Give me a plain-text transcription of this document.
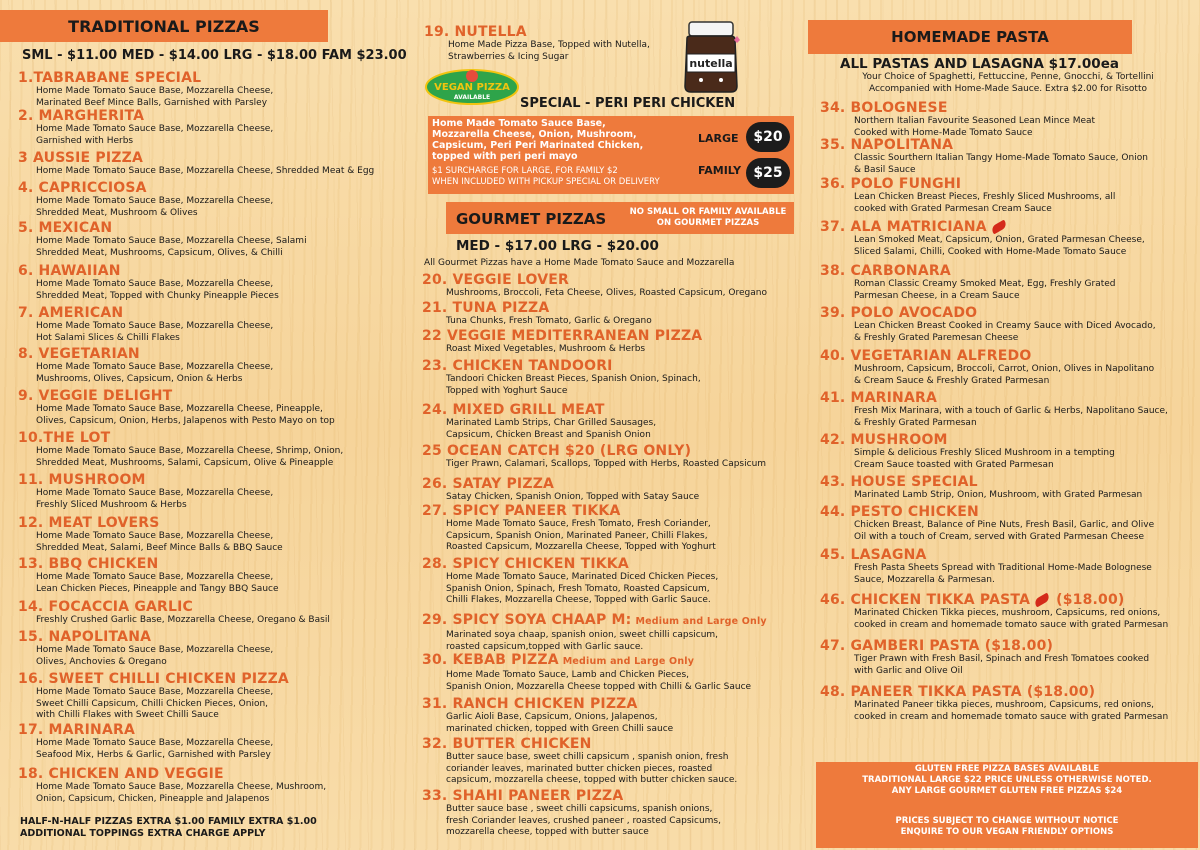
TRADITIONAL PIZZAS
SML - $11.00 MED - $14.00 LRG - $18.00 FAM $23.00
1.TABRABANE SPECIAL
Home Made Tomato Sauce Base, Mozzarella Cheese,
Marinated Beef Mince Balls, Garnished with Parsley
2. MARGHERITA
Home Made Tomato Sauce Base, Mozzarella Cheese,
Garnished with Herbs
3 AUSSIE PIZZA
Home Made Tomato Sauce Base, Mozzarella Cheese, Shredded Meat & Egg
4. CAPRICCIOSA
Home Made Tomato Sauce Base, Mozzarella Cheese,
Shredded Meat, Mushroom & Olives
5. MEXICAN
Home Made Tomato Sauce Base, Mozzarella Cheese, Salami
Shredded Meat, Mushrooms, Capsicum, Olives, & Chilli
6. HAWAIIAN
Home Made Tomato Sauce Base, Mozzarella Cheese,
Shredded Meat, Topped with Chunky Pineapple Pieces
7. AMERICAN
Home Made Tomato Sauce Base, Mozzarella Cheese,
Hot Salami Slices & Chilli Flakes
8. VEGETARIAN
Home Made Tomato Sauce Base, Mozzarella Cheese,
Mushrooms, Olives, Capsicum, Onion & Herbs
9. VEGGIE DELIGHT
Home Made Tomato Sauce Base, Mozzarella Cheese, Pineapple,
Olives, Capsicum, Onion, Herbs, Jalapenos with Pesto Mayo on top
10.THE LOT
Home Made Tomato Sauce Base, Mozzarella Cheese, Shrimp, Onion,
Shredded Meat, Mushrooms, Salami, Capsicum, Olive & Pineapple
11. MUSHROOM
Home Made Tomato Sauce Base, Mozzarella Cheese,
Freshly Sliced Mushroom & Herbs
12. MEAT LOVERS
Home Made Tomato Sauce Base, Mozzarella Cheese,
Shredded Meat, Salami, Beef Mince Balls & BBQ Sauce
13. BBQ CHICKEN
Home Made Tomato Sauce Base, Mozzarella Cheese,
Lean Chicken Pieces, Pineapple and Tangy BBQ Sauce
14. FOCACCIA GARLIC
Freshly Crushed Garlic Base, Mozzarella Cheese, Oregano & Basil
15. NAPOLITANA
Home Made Tomato Sauce Base, Mozzarella Cheese,
Olives, Anchovies & Oregano
16. SWEET CHILLI CHICKEN PIZZA
Home Made Tomato Sauce Base, Mozzarella Cheese,
Sweet Chilli Capsicum, Chilli Chicken Pieces, Onion,
with Chilli Flakes with Sweet Chilli Sauce
17. MARINARA
Home Made Tomato Sauce Base, Mozzarella Cheese,
Seafood Mix, Herbs & Garlic, Garnished with Parsley
18. CHICKEN AND VEGGIE
Home Made Tomato Sauce Base, Mozzarella Cheese, Mushroom,
Onion, Capsicum, Chicken, Pineapple and Jalapenos
HALF-N-HALF PIZZAS EXTRA $1.00 FAMILY EXTRA $1.00
ADDITIONAL TOPPINGS EXTRA CHARGE APPLY
19. NUTELLA
Home Made Pizza Base, Topped with Nutella,
Strawberries & Icing Sugar
nutella
VEGAN PIZZA
AVAILABLE SPECIAL - PERI PERI CHICKEN
Home Made Tomato Sauce Base,
Mozzarella Cheese, Onion, Mushroom,
Capsicum, Peri Peri Marinated Chicken,
topped with peri peri mayo
$1 SURCHARGE FOR LARGE, FOR FAMILY $2
WHEN INCLUDED WITH PICKUP SPECIAL OR DELIVERY
LARGE	$20
FAMILY $25
GOURMET PIZZAS	NO SMALL OR FAMILY AVAILABLE
ON GOURMET PIZZAS
MED - $17.00 LRG - $20.00
All Gourmet Pizzas have a Home Made Tomato Sauce and Mozzarella
20. VEGGIE LOVER
Mushrooms, Broccoli, Feta Cheese, Olives, Roasted Capsicum, Oregano
21. TUNA PIZZA
Tuna Chunks, Fresh Tomato, Garlic & Oregano
22 VEGGIE MEDITERRANEAN PIZZA
Roast Mixed Vegetables, Mushroom & Herbs
23. CHICKEN TANDOORI
Tandoori Chicken Breast Pieces, Spanish Onion, Spinach,
Topped with Yoghurt Sauce
24. MIXED GRILL MEAT
Marinated Lamb Strips, Char Grilled Sausages,
Capsicum, Chicken Breast and Spanish Onion
25 OCEAN CATCH $20 (LRG ONLY)
Tiger Prawn, Calamari, Scallops, Topped with Herbs, Roasted Capsicum
26. SATAY PIZZA
Satay Chicken, Spanish Onion, Topped with Satay Sauce
27. SPICY PANEER TIKKA
Home Made Tomato Sauce, Fresh Tomato, Fresh Coriander,
Capsicum, Spanish Onion, Marinated Paneer, Chilli Flakes,
Roasted Capsicum, Mozzarella Cheese, Topped with Yoghurt
28. SPICY CHICKEN TIKKA
Home Made Tomato Sauce, Marinated Diced Chicken Pieces,
Spanish Onion, Spinach, Fresh Tomato, Roasted Capsicum,
Chilli Flakes, Mozzarella Cheese, Topped with Garlic Sauce.
29. SPICY SOYA CHAAP M: Medium and Large Only
Marinated soya chaap, spanish onion, sweet chilli capsicum,
roasted capsicum,topped with Garlic sauce.
30. KEBAB PIZZA Medium and Large Only
Home Made Tomato Sauce, Lamb and Chicken Pieces,
Spanish Onion, Mozzarella Cheese topped with Chilli & Garlic Sauce
31. RANCH CHICKEN PIZZA
Garlic Aioli Base, Capsicum, Onions, Jalapenos,
marinated chicken, topped with Green Chilli sauce
32. BUTTER CHICKEN
Butter sauce base, sweet chilli capsicum , spanish onion, fresh
coriander leaves, marinated butter chicken pieces, roasted
capsicum, mozzarella cheese, topped with butter chicken sauce.
33. SHAHI PANEER PIZZA
Butter sauce base , sweet chilli capsicums, spanish onions,
fresh Coriander leaves, crushed paneer , roasted Capsicums,
mozzarella cheese, topped with butter sauce
HOMEMADE PASTA
ALL PASTAS AND LASAGNA $17.00ea
Your Choice of Spaghetti, Fettuccine, Penne, Gnocchi, & Tortellini
Accompanied with Home-Made Sauce. Extra $2.00 for Risotto
34. BOLOGNESE
Northern Italian Favourite Seasoned Lean Mince Meat
Cooked with Home-Made Tomato Sauce
35. NAPOLITANA
Classic Sourthern Italian Tangy Home-Made Tomato Sauce, Onion
& Basil Sauce
36. POLO FUNGHI
Lean Chicken Breast Pieces, Freshly Sliced Mushrooms, all
cooked with Grated Parmesan Cream Sauce
37. ALA MATRICIANA
Lean Smoked Meat, Capsicum, Onion, Grated Parmesan Cheese,
Sliced Salami, Chilli, Cooked with Home-Made Tomato Sauce
38. CARBONARA
Roman Classic Creamy Smoked Meat, Egg, Freshly Grated
Parmesan Cheese, in a Cream Sauce
39. POLO AVOCADO
Lean Chicken Breast Cooked in Creamy Sauce with Diced Avocado,
& Freshly Grated Paremesan Cheese
40. VEGETARIAN ALFREDO
Mushroom, Capsicum, Broccoli, Carrot, Onion, Olives in Napolitano
& Cream Sauce & Freshly Grated Parmesan
41. MARINARA
Fresh Mix Marinara, with a touch of Garlic & Herbs, Napolitano Sauce,
& Freshly Grated Parmesan
42. MUSHROOM
Simple & delicious Freshly Sliced Mushroom in a tempting
Cream Sauce toasted with Grated Parmesan
43. HOUSE SPECIAL
Marinated Lamb Strip, Onion, Mushroom, with Grated Parmesan
44. PESTO CHICKEN
Chicken Breast, Balance of Pine Nuts, Fresh Basil, Garlic, and Olive
Oil with a touch of Cream, served with Grated Parmesan Cheese
45. LASAGNA
Fresh Pasta Sheets Spread with Traditional Home-Made Bolognese
Sauce, Mozzarella & Parmesan.
46. CHICKEN TIKKA PASTA ($18.00)
Marinated Chicken Tikka pieces, mushroom, Capsicums, red onions,
cooked in cream and homemade tomato sauce with grated Parmesan
47. GAMBERI PASTA ($18.00)
Tiger Prawn with Fresh Basil, Spinach and Fresh Tomatoes cooked
with Garlic and Olive Oil
48. PANEER TIKKA PASTA ($18.00)
Marinated Paneer tikka pieces, mushroom, Capsicums, red onions,
cooked in cream and homemade tomato sauce with grated Parmesan
GLUTEN FREE PIZZA BASES AVAILABLE
TRADITIONAL LARGE $22 PRICE UNLESS OTHERWISE NOTED.
ANY LARGE GOURMET GLUTEN FREE PIZZAS $24
PRICES SUBJECT TO CHANGE WITHOUT NOTICE
ENQUIRE TO OUR VEGAN FRIENDLY OPTIONS
